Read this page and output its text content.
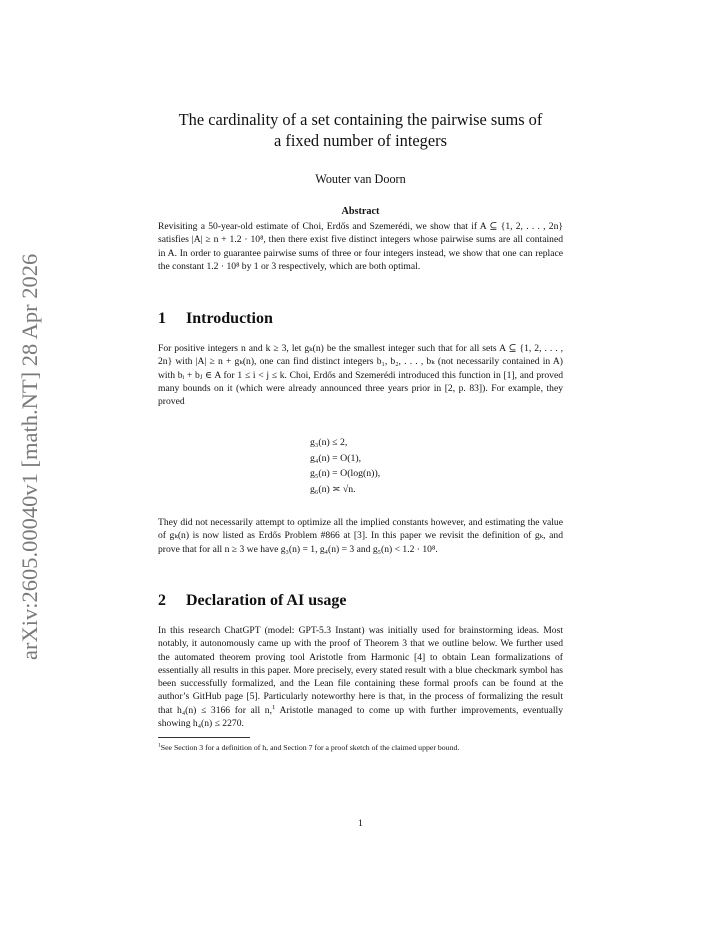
arXiv:2605.00040v1 [math.NT] 28 Apr 2026
The cardinality of a set containing the pairwise sums of
a fixed number of integers
Wouter van Doorn
Abstract

Revisiting a 50-year-old estimate of Choi, Erdős and Szemerédi, we show that if A ⊆ {1, 2, . . . , 2n} satisfies |A| ≥ n + 1.2 · 10⁸, then there exist five distinct integers whose pairwise sums are all contained in A. In order to guarantee pairwise sums of three or four integers instead, we show that one can replace the constant 1.2 · 10⁸ by 1 or 3 respectively, which are both optimal.

1 Introduction

For positive integers n and k ≥ 3, let gₖ(n) be the smallest integer such that for all sets A ⊆ {1, 2, . . . , 2n} with |A| ≥ n + gₖ(n), one can find distinct integers b₁, b₂, . . . , bₖ (not necessarily contained in A) with bᵢ + bⱼ ∈ A for 1 ≤ i < j ≤ k. Choi, Erdős and Szemerédi introduced this function in [1], and proved many bounds on it (which were already announced three years prior in [2, p. 83]). For example, they proved

g₃(n) ≤ 2,
g₄(n) = O(1),
g₅(n) = O(log(n)),
g₆(n) ≍ √n.

They did not necessarily attempt to optimize all the implied constants however, and estimating the value of gₖ(n) is now listed as Erdős Problem #866 at [3]. In this paper we revisit the definition of gₖ, and prove that for all n ≥ 3 we have g₃(n) = 1, g₄(n) = 3 and g₅(n) < 1.2 · 10⁸.

2 Declaration of AI usage

In this research ChatGPT (model: GPT-5.3 Instant) was initially used for brainstorming ideas. Most notably, it autonomously came up with the proof of Theorem 3 that we outline below. We further used the automated theorem proving tool Aristotle from Harmonic [4] to obtain Lean formalizations of essentially all results in this paper. More precisely, every stated result with a blue checkmark symbol has been successfully formalized, and the Lean file containing these formal proofs can be found at the author’s GitHub page [5]. Particularly noteworthy here is that, in the process of formalizing the result that h₄(n) ≤ 3166 for all n,$^1$ Aristotle managed to come up with further improvements, eventually showing h₄(n) ≤ 2270.

$^1$See Section 3 for a definition of h, and Section 7 for a proof sketch of the claimed upper bound.

1
